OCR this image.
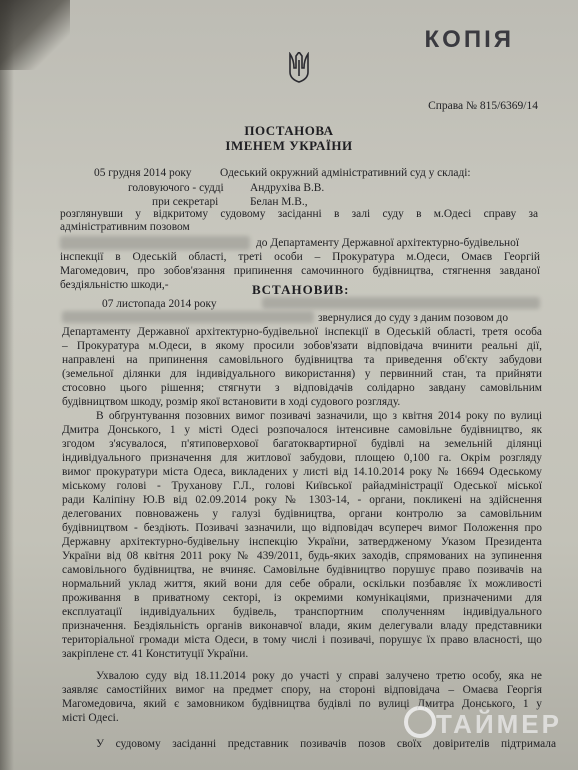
КОПІЯ
Справа № 815/6369/14
ПОСТАНОВА
ІМЕНЕМ УКРАЇНИ
05 грудня 2014 року	Одеський окружний адміністративний суд у складі:
головуючого - судді Андрухіва В.В.
при секретарі	Белан М.В.,
розглянувши у відкритому судовому засіданні в залі суду в м.Одесі справу за
адміністративним позовом
до Департаменту Державної архітектурно-будівельної
інспекції в Одеській області, треті особи – Прокуратура м.Одеси, Омаєв Георгій
Магомедович, про зобов'язання припинення самочинного будівництва, стягнення завданої
бездіяльністю шкоди,-	ВСТАНОВИВ:
07 листопада 2014 року
звернулися до суду з даним позовом до
Департаменту Державної архітектурно-будівельної інспекції в Одеській області, третя особа
– Прокуратура м.Одеси, в якому просили зобов'язати відповідача вчинити реальні дії,
направлені на припинення самовільного будівництва та приведення об'єкту забудови
(земельної ділянки для індивідуального використання) у первинний стан, та прийняти
стосовно цього рішення; стягнути з відповідачів солідарно завдану самовільним
будівництвом шкоду, розмір якої встановити в ході судового розгляду.
В обґрунтування позовних вимог позивачі зазначили, що з квітня 2014 року по вулиці
Дмитра Донського, 1 у місті Одесі розпочалося інтенсивне самовільне будівництво, як
згодом з'ясувалося, п'ятиповерхової багатоквартирної будівлі на земельній ділянці
індивідуального призначення для житлової забудови, площею 0,100 га. Окрім розгляду
вимог прокуратури міста Одеса, викладених у листі від 14.10.2014 року № 16694 Одеському
міському голові - Труханову Г.Л., голові Київської райадміністрації Одеської міської
ради Каліпіну Ю.В від 02.09.2014 року № 1303-14, - органи, покликені на здійснення
делегованих повноважень у галузі будівництва, органи контролю за самовільним
будівництвом - бездіють. Позивачі зазначили, що відповідач всупереч вимог Положення про
Державну архітектурно-будівельну інспекцію України, затвердженому Указом Президента
України від 08 квітня 2011 року № 439/2011, будь-яких заходів, спрямованих на зупинення
самовільного будівництва, не вчиняє. Самовільне будівництво порушує право позивачів на
нормальний уклад життя, який вони для себе обрали, оскільки позбавляє їх можливості
проживання в приватному секторі, із окремими комунікаціями, призначеними для
експлуатації індивідуальних будівель, транспортним сполученням індивідуального
призначення. Бездіяльність органів виконавчої влади, яким делегували владу представники
територіальної громади міста Одеси, в тому числі і позивачі, порушує їх право власності, що
закріплене ст. 41 Конституції України.
Ухвалою суду від 18.11.2014 року до участі у справі залучено третю особу, яка не
заявляє самостійних вимог на предмет спору, на стороні відповідача – Омаєва Георгія
Магомедовича, який є замовником будівництва будівлі по вулиці Дмитра Донського, 1 у
місті Одесі.
У судовому засіданні представник позивачів позов своїх довірителів підтримала
ТАЙМЕР
